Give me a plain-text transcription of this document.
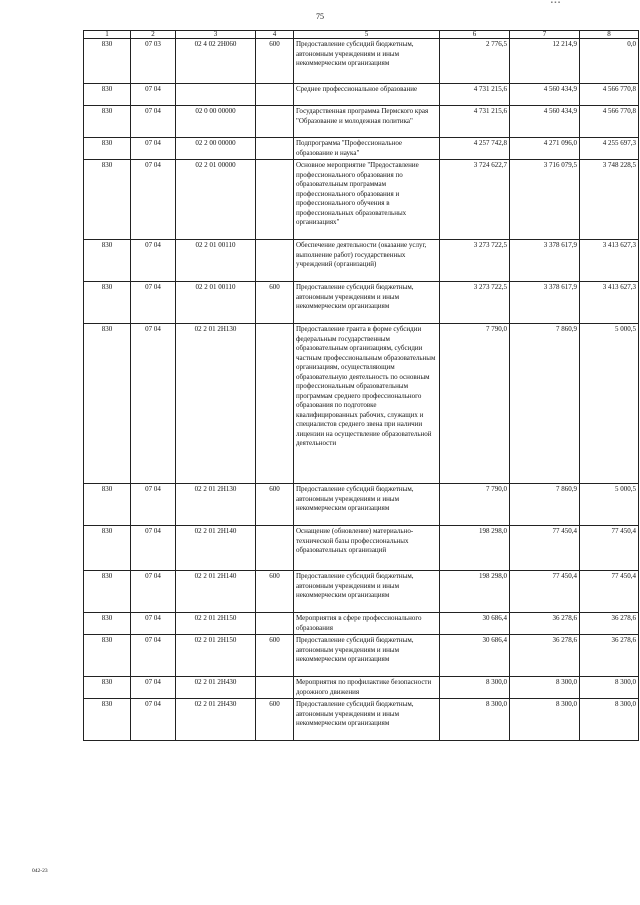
75
▪ ▪ ▪
1	2	3	4	5	6	7	8
830	07 03	02 4 02 2Н060	600	Предоставление субсидий бюджетным, автономным учреждениям и иным некоммерческим организациям	2 776,5	12 214,9	0,0
830	07 04			Среднее профессиональное образование	4 731 215,6	4 560 434,9	4 566 770,8
830	07 04	02 0 00 00000		Государственная программа Пермского края "Образование и молодежная политика"	4 731 215,6	4 560 434,9	4 566 770,8
830	07 04	02 2 00 00000		Подпрограмма "Профессиональное образование и наука"	4 257 742,8	4 271 096,0	4 255 697,3
830	07 04	02 2 01 00000		Основное мероприятие "Предоставление профессионального образования по образовательным программам профессионального образования и профессионального обучения в профессиональных образовательных организациях"	3 724 622,7	3 716 079,5	3 748 228,5
830	07 04	02 2 01 00110		Обеспечение деятельности (оказание услуг, выполнение работ) государственных учреждений (организаций)	3 273 722,5	3 378 617,9	3 413 627,3
830	07 04	02 2 01 00110	600	Предоставление субсидий бюджетным, автономным учреждениям и иным некоммерческим организациям	3 273 722,5	3 378 617,9	3 413 627,3
830	07 04	02 2 01 2Н130		Предоставление гранта в форме субсидии федеральным государственным образовательным организациям, субсидии частным профессиональным образовательным организациям, осуществляющим образовательную деятельность по основным профессиональным образовательным программам среднего профессионального образования по подготовке квалифицированных рабочих, служащих и специалистов среднего звена при наличии лицензии на осуществление образовательной деятельности	7 790,0	7 860,9	5 000,5
830	07 04	02 2 01 2Н130	600	Предоставление субсидий бюджетным, автономным учреждениям и иным некоммерческим организациям	7 790,0	7 860,9	5 000,5
830	07 04	02 2 01 2Н140		Оснащение (обновление) материально-технической базы профессиональных образовательных организаций	198 298,0	77 450,4	77 450,4
830	07 04	02 2 01 2Н140	600	Предоставление субсидий бюджетным, автономным учреждениям и иным некоммерческим организациям	198 298,0	77 450,4	77 450,4
830	07 04	02 2 01 2Н150		Мероприятия в сфере профессионального образования	30 686,4	36 278,6	36 278,6
830	07 04	02 2 01 2Н150	600	Предоставление субсидий бюджетным, автономным учреждениям и иным некоммерческим организациям	30 686,4	36 278,6	36 278,6
830	07 04	02 2 01 2Н430		Мероприятия по профилактике безопасности дорожного движения	8 300,0	8 300,0	8 300,0
830	07 04	02 2 01 2Н430	600	Предоставление субсидий бюджетным, автономным учреждениям и иным некоммерческим организациям	8 300,0	8 300,0	8 300,0
042-23
